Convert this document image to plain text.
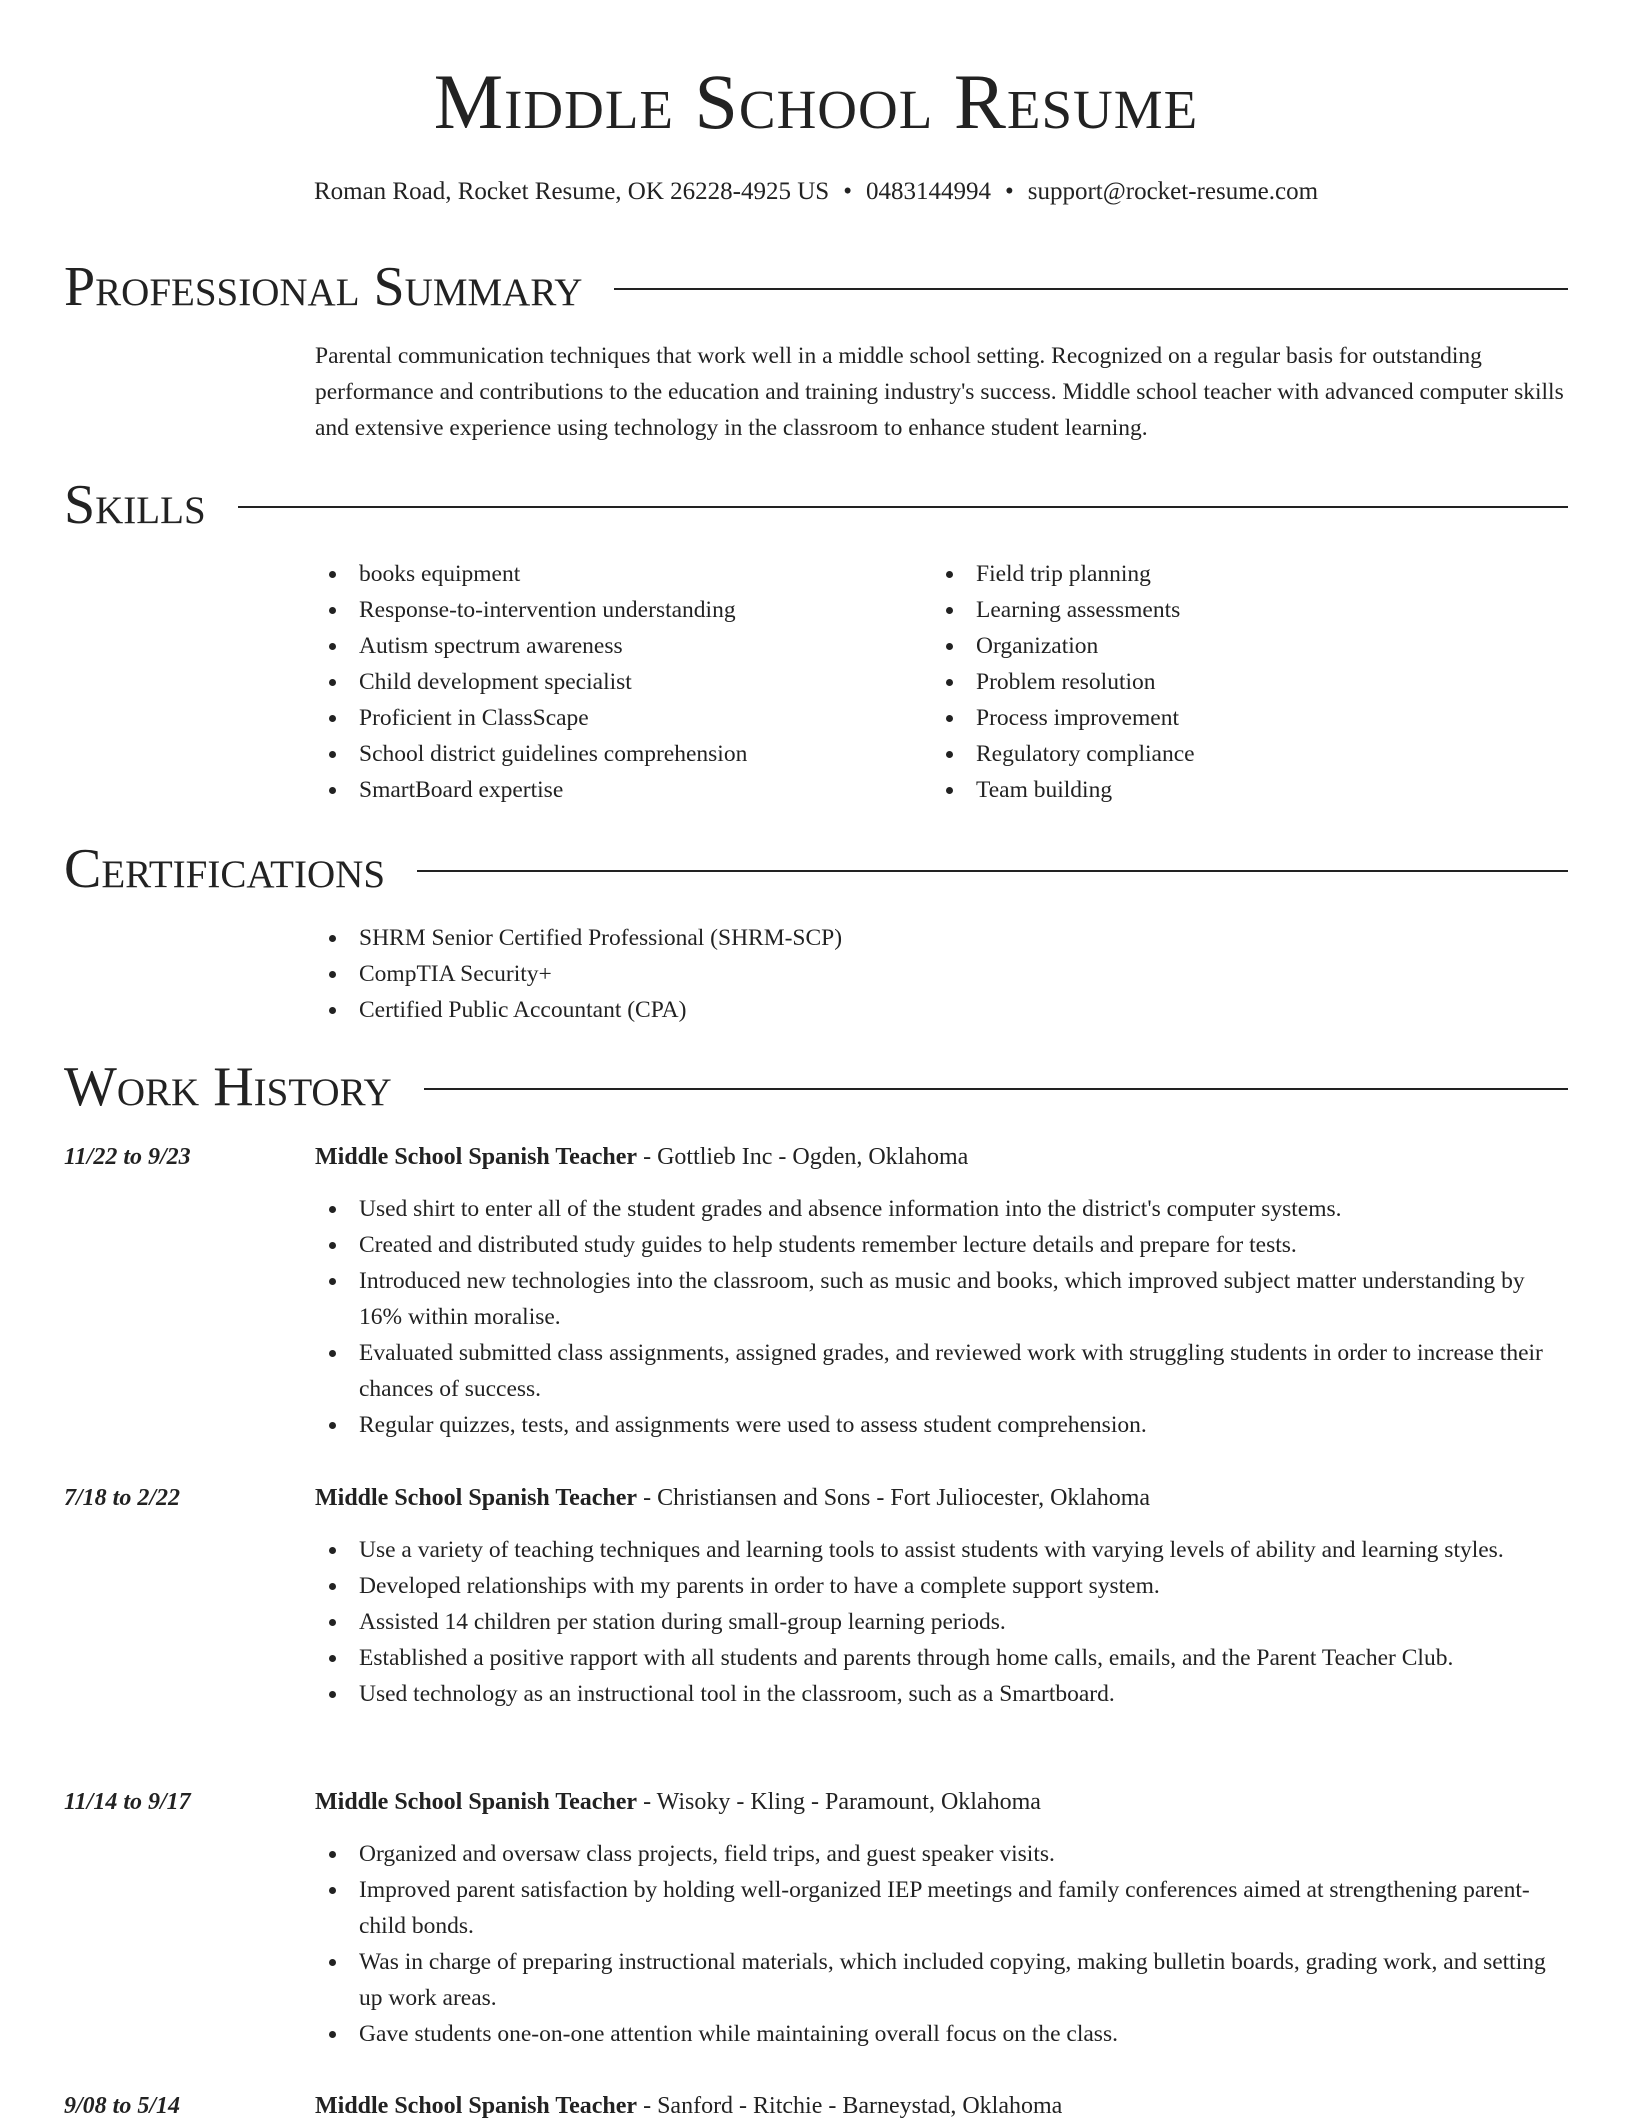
Middle School Resume
Roman Road, Rocket Resume, OK 26228-4925 US • 0483144994 • support@rocket-resume.com
Professional Summary
Parental communication techniques that work well in a middle school setting. Recognized on a regular basis for outstanding performance and contributions to the education and training industry's success. Middle school teacher with advanced computer skills and extensive experience using technology in the classroom to enhance student learning.
Skills
books equipment
Response-to-intervention understanding
Autism spectrum awareness
Child development specialist
Proficient in ClassScape
School district guidelines comprehension
SmartBoard expertise
Field trip planning
Learning assessments
Organization
Problem resolution
Process improvement
Regulatory compliance
Team building
Certifications
SHRM Senior Certified Professional (SHRM-SCP)
CompTIA Security+
Certified Public Accountant (CPA)
Work History
11/22 to 9/23	Middle School Spanish Teacher - Gottlieb Inc - Ogden, Oklahoma
Used shirt to enter all of the student grades and absence information into the district's computer systems.
Created and distributed study guides to help students remember lecture details and prepare for tests.
Introduced new technologies into the classroom, such as music and books, which improved subject matter understanding by 16% within moralise.
Evaluated submitted class assignments, assigned grades, and reviewed work with struggling students in order to increase their chances of success.
Regular quizzes, tests, and assignments were used to assess student comprehension.
7/18 to 2/22	Middle School Spanish Teacher - Christiansen and Sons - Fort Juliocester, Oklahoma
Use a variety of teaching techniques and learning tools to assist students with varying levels of ability and learning styles.
Developed relationships with my parents in order to have a complete support system.
Assisted 14 children per station during small-group learning periods.
Established a positive rapport with all students and parents through home calls, emails, and the Parent Teacher Club.
Used technology as an instructional tool in the classroom, such as a Smartboard.
11/14 to 9/17	Middle School Spanish Teacher - Wisoky - Kling - Paramount, Oklahoma
Organized and oversaw class projects, field trips, and guest speaker visits.
Improved parent satisfaction by holding well-organized IEP meetings and family conferences aimed at strengthening parent-child bonds.
Was in charge of preparing instructional materials, which included copying, making bulletin boards, grading work, and setting up work areas.
Gave students one-on-one attention while maintaining overall focus on the class.
9/08 to 5/14	Middle School Spanish Teacher - Sanford - Ritchie - Barneystad, Oklahoma
